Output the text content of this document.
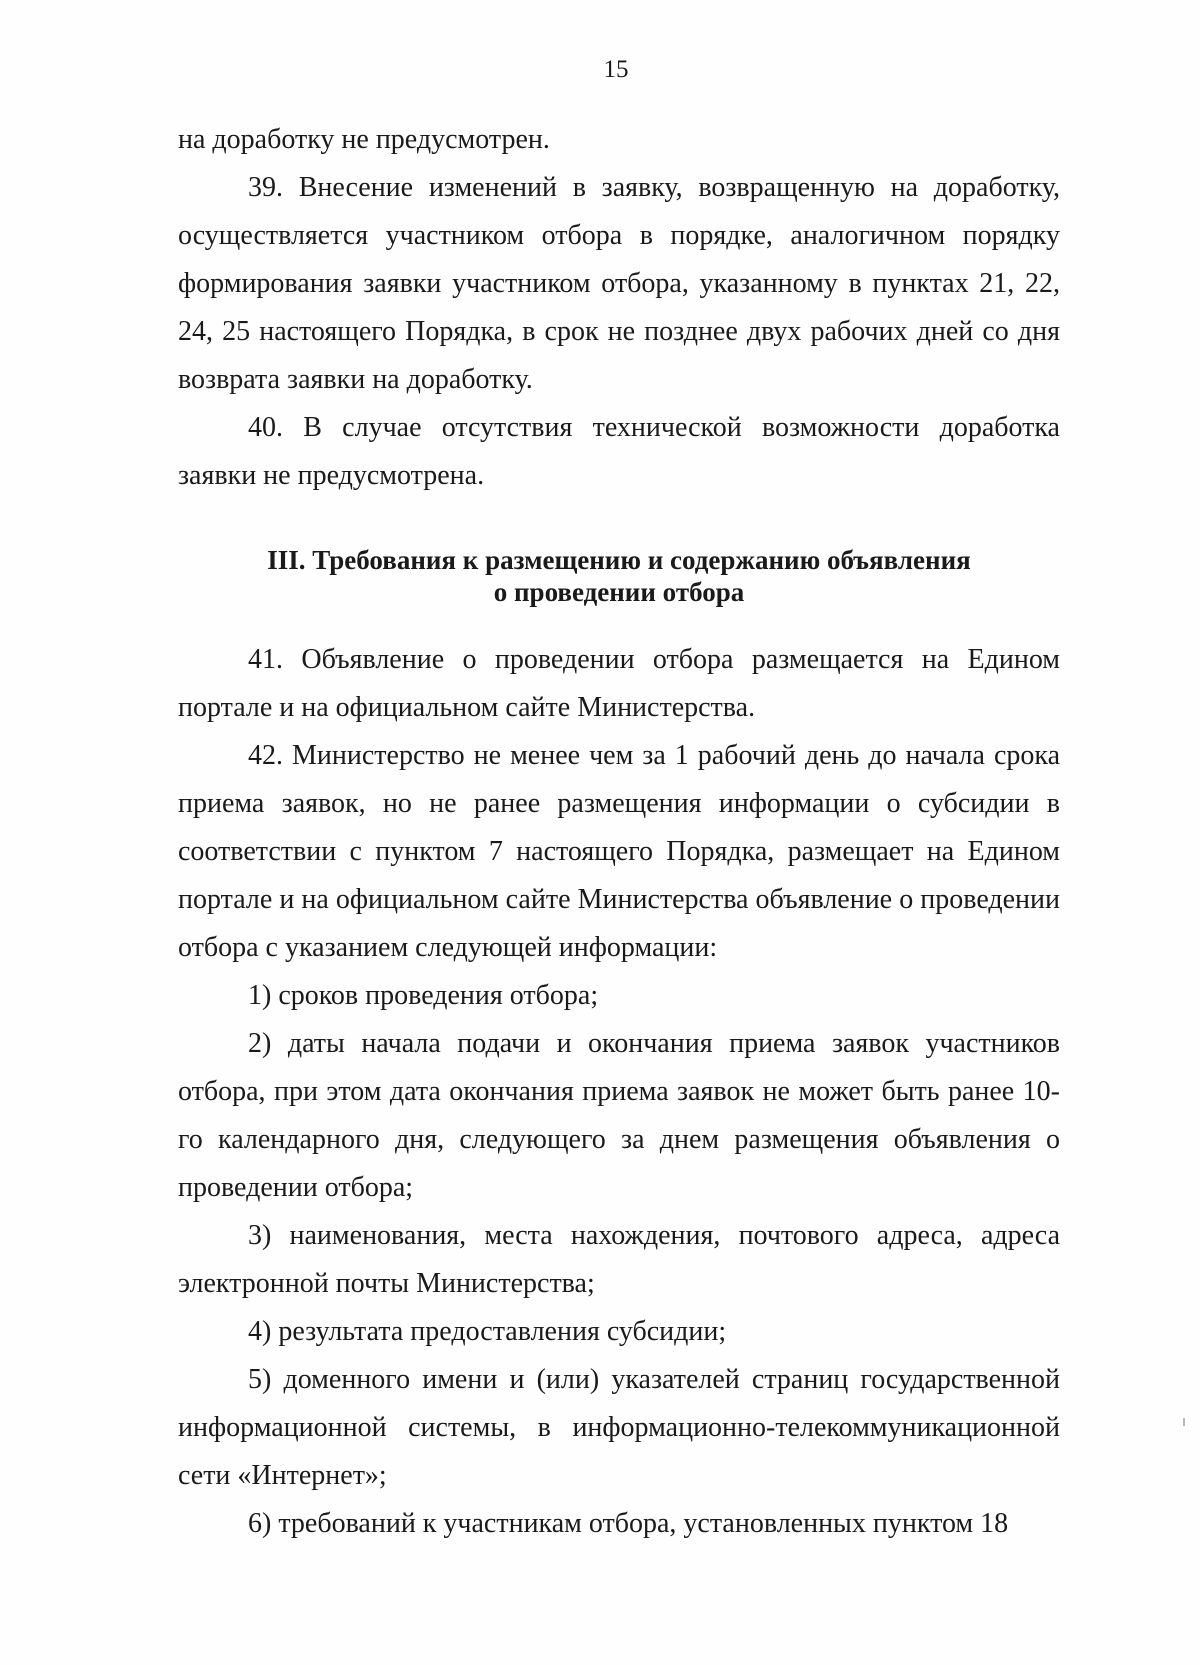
15

на доработку не предусмотрен.

39. Внесение изменений в заявку, возвращенную на доработку, осуществляется участником отбора в порядке, аналогичном порядку формирования заявки участником отбора, указанному в пунктах 21, 22, 24, 25 настоящего Порядка, в срок не позднее двух рабочих дней со дня возврата заявки на доработку.

40. В случае отсутствия технической возможности доработка заявки не предусмотрена.

III. Требования к размещению и содержанию объявления
о проведении отбора

41. Объявление о проведении отбора размещается на Едином портале и на официальном сайте Министерства.

42. Министерство не менее чем за 1 рабочий день до начала срока приема заявок, но не ранее размещения информации о субсидии в соответствии с пунктом 7 настоящего Порядка, размещает на Едином портале и на официальном сайте Министерства объявление о проведении отбора с указанием следующей информации:

1) сроков проведения отбора;

2) даты начала подачи и окончания приема заявок участников отбора, при этом дата окончания приема заявок не может быть ранее 10-го календарного дня, следующего за днем размещения объявления о проведении отбора;

3) наименования, места нахождения, почтового адреса, адреса электронной почты Министерства;

4) результата предоставления субсидии;

5) доменного имени и (или) указателей страниц государственной информационной системы, в информационно-телекоммуникационной сети «Интернет»;

6) требований к участникам отбора, установленных пунктом 18
